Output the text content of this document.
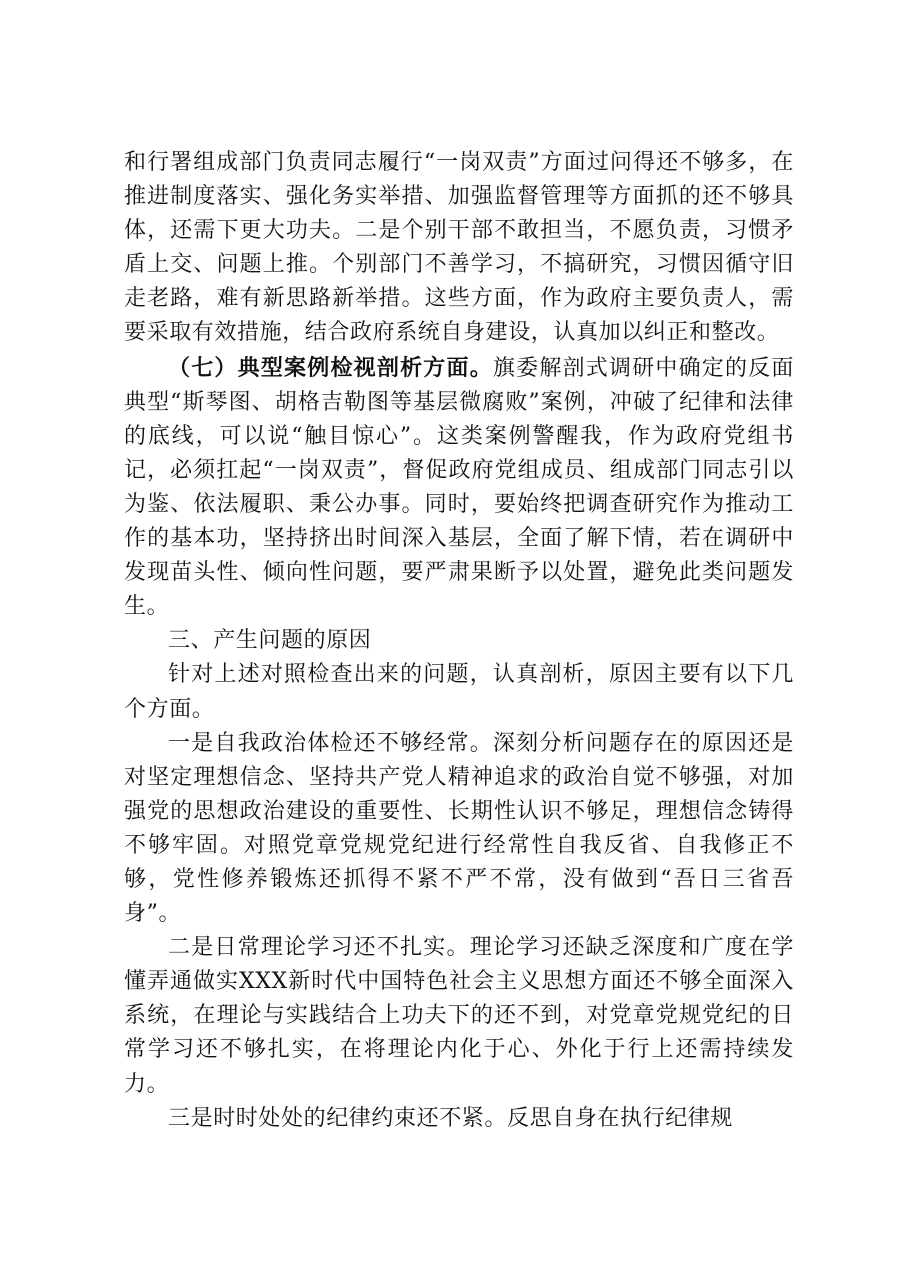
和行署组成部门负责同志履行“一岗双责”方面过问得还不够多，在推进制度落实、强化务实举措、加强监督管理等方面抓的还不够具体，还需下更大功夫。二是个别干部不敢担当，不愿负责，习惯矛盾上交、问题上推。个别部门不善学习，不搞研究，习惯因循守旧走老路，难有新思路新举措。这些方面，作为政府主要负责人，需要采取有效措施，结合政府系统自身建设，认真加以纠正和整改。

（七）典型案例检视剖析方面。旗委解剖式调研中确定的反面典型“斯琴图、胡格吉勒图等基层微腐败”案例，冲破了纪律和法律的底线，可以说“触目惊心”。这类案例警醒我，作为政府党组书记，必须扛起“一岗双责”，督促政府党组成员、组成部门同志引以为鉴、依法履职、秉公办事。同时，要始终把调查研究作为推动工作的基本功，坚持挤出时间深入基层，全面了解下情，若在调研中发现苗头性、倾向性问题，要严肃果断予以处置，避免此类问题发生。

三、产生问题的原因

针对上述对照检查出来的问题，认真剖析，原因主要有以下几个方面。

一是自我政治体检还不够经常。深刻分析问题存在的原因还是对坚定理想信念、坚持共产党人精神追求的政治自觉不够强，对加强党的思想政治建设的重要性、长期性认识不够足，理想信念铸得不够牢固。对照党章党规党纪进行经常性自我反省、自我修正不够，党性修养锻炼还抓得不紧不严不常，没有做到“吾日三省吾身”。

二是日常理论学习还不扎实。理论学习还缺乏深度和广度在学懂弄通做实XXX新时代中国特色社会主义思想方面还不够全面深入系统，在理论与实践结合上功夫下的还不到，对党章党规党纪的日常学习还不够扎实，在将理论内化于心、外化于行上还需持续发力。

三是时时处处的纪律约束还不紧。反思自身在执行纪律规
